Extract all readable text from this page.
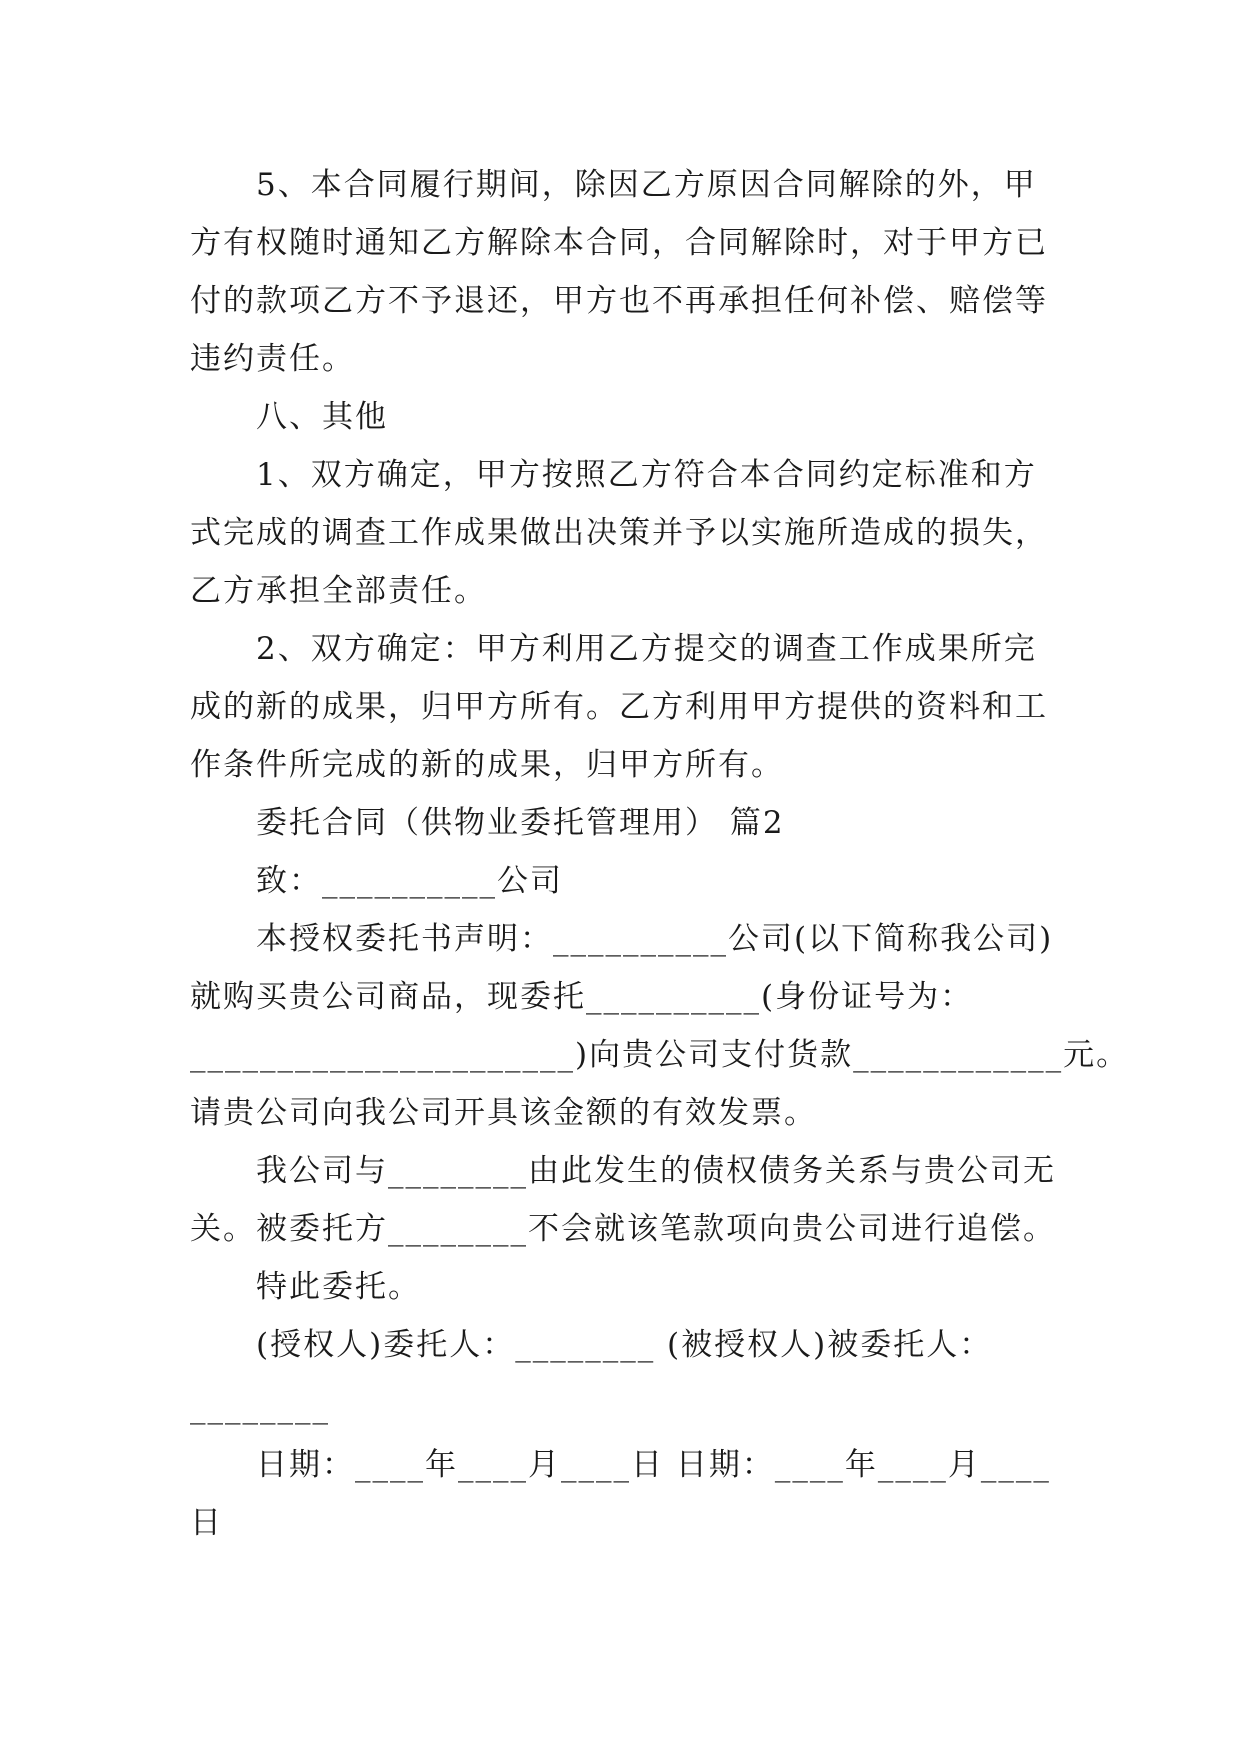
5、本合同履行期间，除因乙方原因合同解除的外，甲
方有权随时通知乙方解除本合同，合同解除时，对于甲方已
付的款项乙方不予退还，甲方也不再承担任何补偿、赔偿等
违约责任。
八、其他
1、双方确定，甲方按照乙方符合本合同约定标准和方
式完成的调查工作成果做出决策并予以实施所造成的损失，
乙方承担全部责任。
2、双方确定：甲方利用乙方提交的调查工作成果所完
成的新的成果，归甲方所有。乙方利用甲方提供的资料和工
作条件所完成的新的成果，归甲方所有。
委托合同（供物业委托管理用） 篇2
致：__________公司
本授权委托书声明：__________公司(以下简称我公司)
就购买贵公司商品，现委托__________(身份证号为：
______________________)向贵公司支付货款____________元。
请贵公司向我公司开具该金额的有效发票。
我公司与________由此发生的债权债务关系与贵公司无
关。被委托方________不会就该笔款项向贵公司进行追偿。
特此委托。
(授权人)委托人：________ (被授权人)被委托人：
________
日期：____年____月____日 日期：____年____月____
日
